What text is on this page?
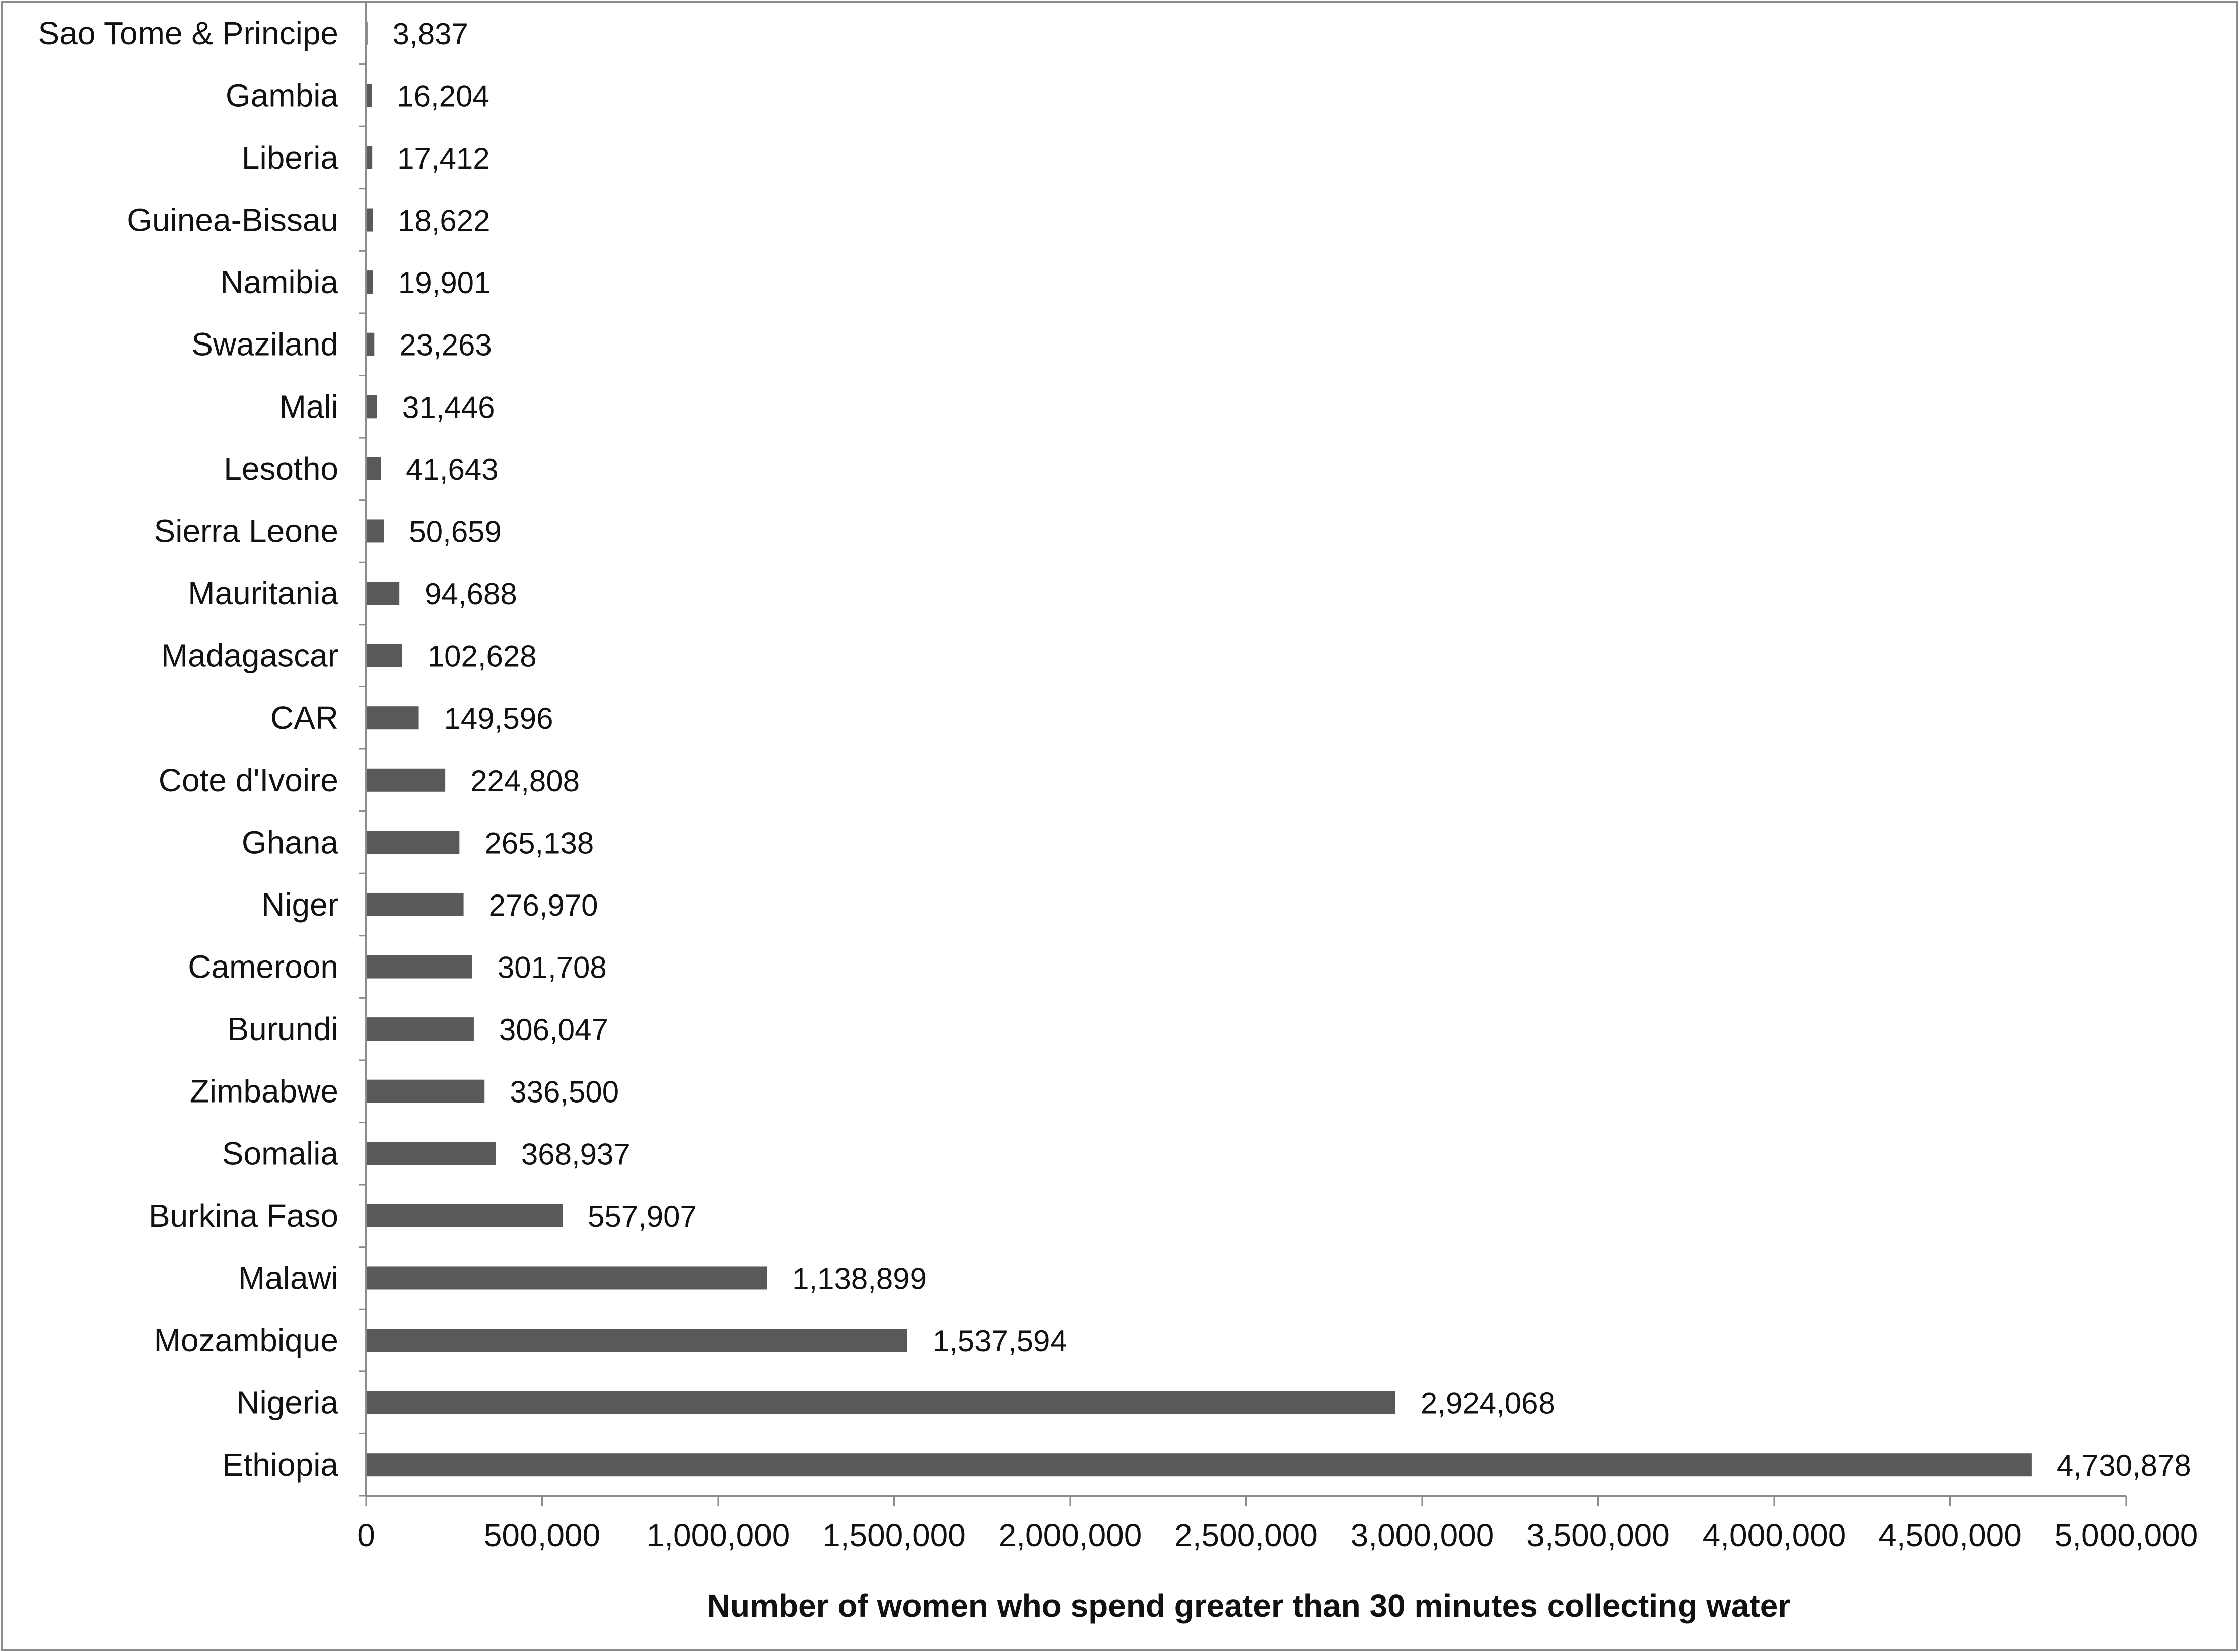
Sao Tome & Principe
Gambia
Liberia
Guinea-Bissau
Namibia
Swaziland
Mali
Lesotho
Sierra Leone
Mauritania
Madagascar
CAR
Cote d'Ivoire
Ghana
Niger
Cameroon
Burundi
Zimbabwe
Somalia
Burkina Faso
Malawi
Mozambique
Nigeria
Ethiopia
3,837
16,204
17,412
18,622
19,901
23,263
31,446
41,643
50,659
94,688
102,628
149,596
224,808
265,138
276,970
301,708
306,047
336,500
368,937
557,907
1,138,899
1,537,594
2,924,068
4,730,878
0	500,000 1,000,000 1,500,000 2,000,000 2,500,000 3,000,000 3,500,000 4,000,000 4,500,000 5,000,000
Number of women who spend greater than 30 minutes collecting water
